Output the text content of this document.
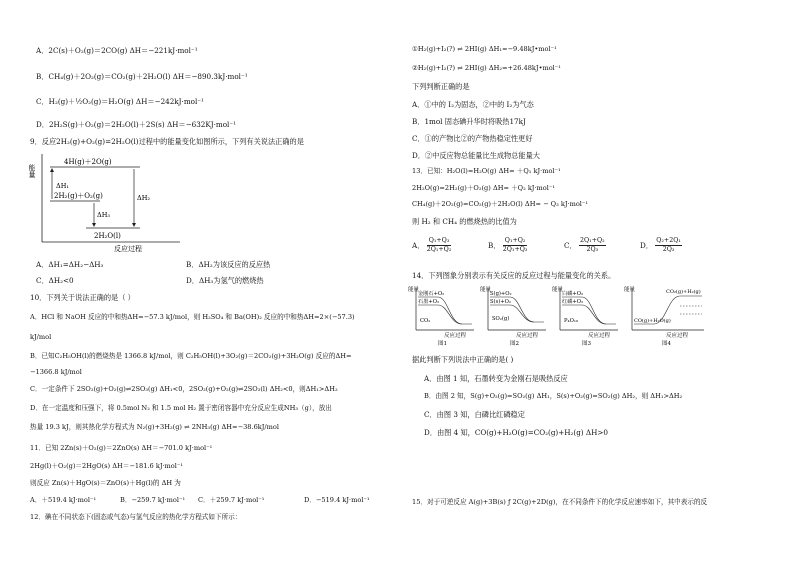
A．2C(s)＋O₂(g)＝2CO(g) ΔH＝−221kJ·mol⁻¹
B．CH₄(g)＋2O₂(g)＝CO₂(g)＋2H₂O(l) ΔH＝−890.3kJ·mol⁻¹
C．H₂(g)＋½O₂(g)＝H₂O(g) ΔH＝−242kJ·mol⁻¹
D．2H₂S(g)＋O₂(g)＝2H₂O(l)＋2S(s) ΔH＝−632KJ·mol⁻¹
9．反应2H₂(g)+O₂(g)=2H₂O(l)过程中的能量变化如图所示，下列有关说法正确的是
能量
4H(g)＋2O(g)
ΔH₁
2H₂(g)＋O₂(g)
ΔH₃
ΔH₂
2H₂O(l)
反应过程
A．ΔH₁=ΔH₂−ΔH₃	B．ΔH₂为该反应的反应热
C．ΔH₂<0	D．ΔH₃为氢气的燃烧热
10．下列关于说法正确的是（ ）
A．HCl 和 NaOH 反应的中和热ΔH=−57.3 kJ/mol，则 H₂SO₄ 和 Ba(OH)₂ 反应的中和热ΔH=2×(−57.3)
kJ/mol
B．已知C₂H₅OH(l)的燃烧热是 1366.8 kJ/mol，则 C₂H₅OH(l)+3O₂(g)＝2CO₂(g)+3H₂O(g) 反应的ΔH=
−1366.8 kJ/mol
C．一定条件下 2SO₂(g)+O₂(g)⇌2SO₃(g) ΔH₁<0，2SO₂(g)+O₂(g)⇌2SO₃(l) ΔH₂<0，则ΔH₁>ΔH₂
D．在一定温度和压强下，将 0.5mol N₂ 和 1.5 mol H₂ 置于密闭容器中充分反应生成NH₃（g），放出
热量 19.3 kJ，则其热化学方程式为 N₂(g)+3H₂(g) ⇌ 2NH₃(g) ΔH=−38.6kJ/mol
11．已知 2Zn(s)＋O₂(g)＝2ZnO(s) ΔH＝−701.0 kJ·mol⁻¹
2Hg(l)＋O₂(g)＝2HgO(s) ΔH＝−181.6 kJ·mol⁻¹
则反应 Zn(s)＋HgO(s)＝ZnO(s)＋Hg(l)的 ΔH 为
A．＋519.4 kJ·mol⁻¹	B．−259.7 kJ·mol⁻¹ C．＋259.7 kJ·mol⁻¹	D．−519.4 kJ·mol⁻¹
12．碘在不同状态下(固态或气态)与氢气反应的热化学方程式如下所示：
①H₂(g)+I₂(?) ⇌ 2HI(g) ΔH₁=−9.48kJ•mol⁻¹
②H₂(g)+I₂(?) ⇌ 2HI(g) ΔH₂=+26.48kJ•mol⁻¹
下列判断正确的是
A．①中的 I₂为固态，②中的 I₂为气态
B．1mol 固态碘升华时将吸热17kJ
C．①的产物比②的产物热稳定性更好
D．②中反应物总能量比生成物总能量大
13．已知：H₂O(l)=H₂O(g) ΔH= ＋Q₁ kJ·mol⁻¹
2H₂O(g)=2H₂(g)＋O₂(g) ΔH= ＋Q₂ kJ·mol⁻¹
CH₄(g)＋2O₂(g)=CO₂(g)＋2H₂O(l) ΔH= − Q₃ kJ·mol⁻¹
则 H₂ 和 CH₄ 的燃烧热的比值为
A． $\frac{\text{Q₁+Q₃}}{\text{2Q₁+Q₂}}$	B． $\frac{\text{Q₁+Q₂}}{\text{2Q₁+Q₃}}$	C． $\frac{\text{2Q₁+Q₂}}{\text{2Q₃}}$	D． $\frac{\text{Q₂+2Q₁}}{\text{2Q₃}}$
14．下列图象分别表示有关反应的反应过程与能量变化的关系。
能量
金刚石+O₂
石墨+O₂
CO₂
反应过程
图1
能量
S(g)+O₂
S(s)+O₂
SO₂(g)
反应过程
图2
能量
白磷+O₂
红磷+O₂
P₄O₁₀
反应过程
图3
能量	CO₂(g)+H₂(g)
CO(g)+H₂O(g)
反应过程
图4
据此判断下列说法中正确的是( )
A．由图 1 知，石墨转变为金刚石是吸热反应
B．由图 2 知，S(g)+O₂(g)=SO₂(g) ΔH₁，S(s)+O₂(g)=SO₂(g) ΔH₂，则 ΔH₁>ΔH₂
C．由图 3 知，白磷比红磷稳定
D．由图 4 知，CO(g)+H₂O(g)=CO₂(g)+H₂(g) ΔH>0
15．对于可逆反应 A(g)+3B(s) ƒ 2C(g)+2D(g)，在不同条件下的化学反应速率如下，其中表示的反
